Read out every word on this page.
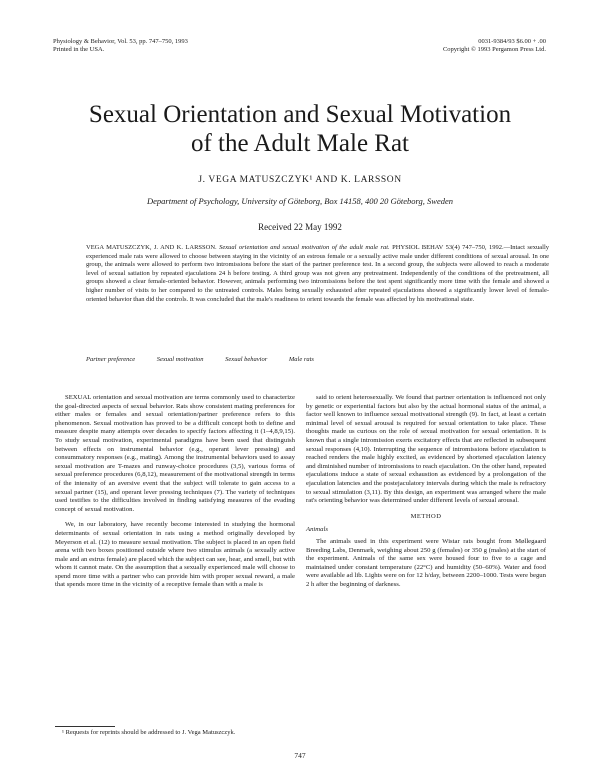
Physiology & Behavior, Vol. 53, pp. 747–750, 1993
Printed in the USA.
0031-9384/93 $6.00 + .00
Copyright © 1993 Pergamon Press Ltd.
Sexual Orientation and Sexual Motivation
of the Adult Male Rat
J. VEGA MATUSZCZYK¹ AND K. LARSSON
Department of Psychology, University of Göteborg, Box 14158, 400 20 Göteborg, Sweden
Received 22 May 1992
VEGA MATUSZCZYK, J. AND K. LARSSON. Sexual orientation and sexual motivation of the adult male rat. PHYSIOL BEHAV 53(4) 747–750, 1992.—Intact sexually experienced male rats were allowed to choose between staying in the vicinity of an estrous female or a sexually active male under different conditions of sexual arousal. In one group, the animals were allowed to perform two intromissions before the start of the partner preference test. In a second group, the subjects were allowed to reach a moderate level of sexual satiation by repeated ejaculations 24 h before testing. A third group was not given any pretreatment. Independently of the conditions of the pretreatment, all groups showed a clear female-oriented behavior. However, animals performing two intromissions before the test spent significantly more time with the female and showed a higher number of visits to her compared to the untreated controls. Males being sexually exhausted after repeated ejaculations showed a significantly lower level of female-oriented behavior than did the controls. It was concluded that the male's readiness to orient towards the female was affected by his motivational state.
Partner preference	Sexual motivation	Sexual behavior	Male rats

SEXUAL orientation and sexual motivation are terms commonly used to characterize the goal-directed aspects of sexual behavior. Rats show consistent mating preferences for either males or females and sexual orientation/partner preference refers to this phenomenon. Sexual motivation has proved to be a difficult concept both to define and measure despite many attempts over decades to specify factors affecting it (1–4,8,9,15). To study sexual motivation, experimental paradigms have been used that distinguish between effects on instrumental behavior (e.g., operant lever pressing) and consummatory responses (e.g., mating). Among the instrumental behaviors used to assay sexual motivation are T-mazes and runway-choice procedures (3,5), various forms of sexual preference procedures (6,8,12), measurement of the motivational strength in terms of the intensity of an aversive event that the subject will tolerate to gain access to a sexual partner (15), and operant lever pressing techniques (7). The variety of techniques used testifies to the difficulties involved in finding satisfying measures of the evading concept of sexual motivation.

We, in our laboratory, have recently become interested in studying the hormonal determinants of sexual orientation in rats using a method originally developed by Meyerson et al. (12) to measure sexual motivation. The subject is placed in an open field arena with two boxes positioned outside where two stimulus animals (a sexually active male and an estrus female) are placed which the subject can see, hear, and smell, but with whom it cannot mate. On the assumption that a sexually experienced male will choose to spend more time with a partner who can provide him with proper sexual reward, a male that spends more time in the vicinity of a receptive female than with a male is

said to orient heterosexually. We found that partner orientation is influenced not only by genetic or experiential factors but also by the actual hormonal status of the animal, a factor well known to influence sexual motivational strength (9). In fact, at least a certain minimal level of sexual arousal is required for sexual orientation to take place. These thoughts made us curious on the role of sexual motivation for sexual orientation. It is known that a single intromission exerts excitatory effects that are reflected in subsequent sexual responses (4,10). Interrupting the sequence of intromissions before ejaculation is reached renders the male highly excited, as evidenced by shortened ejaculation latency and diminished number of intromissions to reach ejaculation. On the other hand, repeated ejaculations induce a state of sexual exhaustion as evidenced by a prolongation of the ejaculation latencies and the postejaculatory intervals during which the male is refractory to sexual stimulation (3,11). By this design, an experiment was arranged where the male rat's orienting behavior was determined under different levels of sexual arousal.

METHOD
Animals

The animals used in this experiment were Wistar rats bought from Møllegaard Breeding Labs, Denmark, weighing about 250 g (females) or 350 g (males) at the start of the experiment. Animals of the same sex were housed four to five to a cage and maintained under constant temperature (22°C) and humidity (50–60%). Water and food were available ad lib. Lights were on for 12 h/day, between 2200–1000. Tests were begun 2 h after the beginning of darkness.

¹ Requests for reprints should be addressed to J. Vega Matuszczyk.
747
